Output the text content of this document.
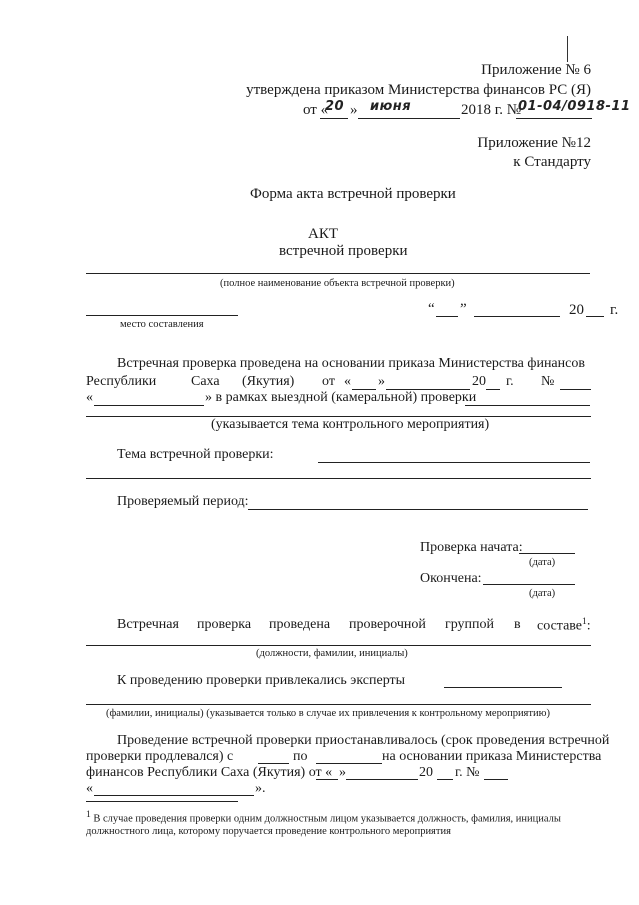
Приложение № 6
утверждена приказом Министерства финансов РС (Я)
от «
20 » июня	2018 г. №
01-04/0918-11
Приложение №12
к Стандарту
Форма акта встречной проверки
АКТ
встречной проверки
(полное наименование объекта встречной проверки)
место составления
“ ”	20 г.
Встречная проверка проведена на основании приказа Министерства финансов
Республики Саха (Якутия) от « »	20 г. №
«	» в рамках выездной (камеральной) проверки
(указывается тема контрольного мероприятия)
Тема встречной проверки:
Проверяемый период:
Проверка начата:
(дата)
Окончена:
(дата)
Встречная проверка проведена проверочной группой в составе$^1$:
(должности, фамилии, инициалы)
К проведению проверки привлекались эксперты
(фамилии, инициалы) (указывается только в случае их привлечения к контрольному мероприятию)
Проведение встречной проверки приостанавливалось (срок проведения встречной
проверки продлевался) с	по	на основании приказа Министерства
финансов Республики Саха (Якутия) от « »	20 г. №
«	».
$^1$ В случае проведения проверки одним должностным лицом указывается должность, фамилия, инициалы
должностного лица, которому поручается проведение контрольного мероприятия
